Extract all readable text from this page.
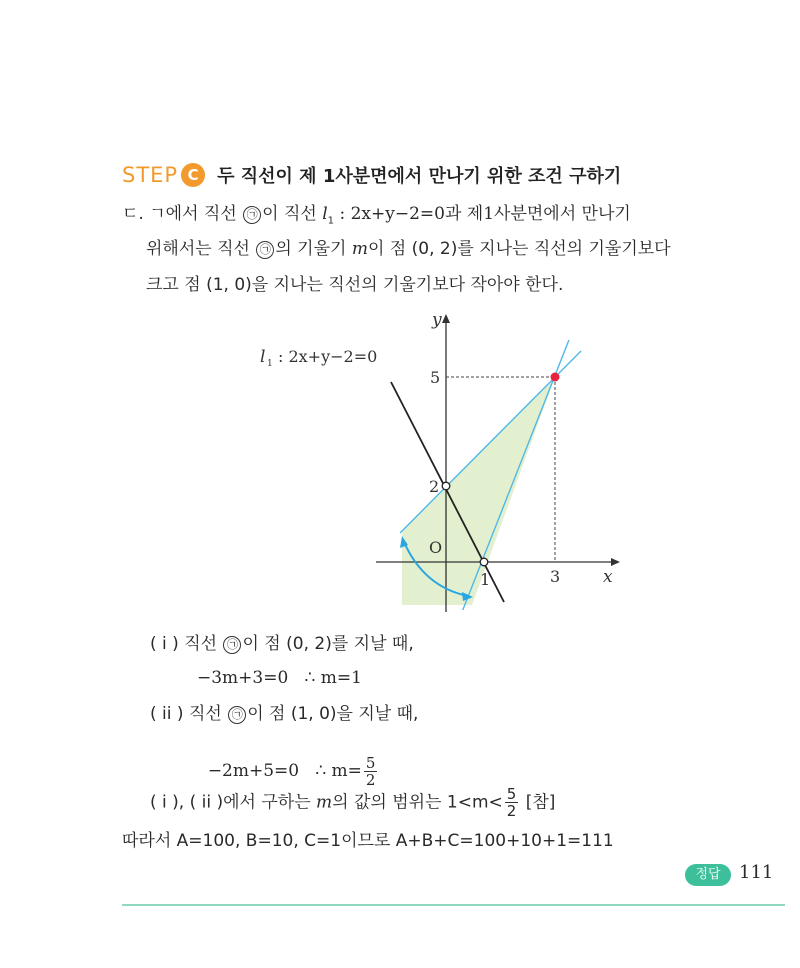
STEP C	두 직선이 제 1사분면에서 만나기 위한 조건 구하기
ㄷ. ㄱ에서 직선 ㉠ 이 직선 $l_1$ : 2x+y−2=0과 제1사분면에서 만나기
위해서는 직선 ㉠ 의 기울기 m이 점 (0, 2)를 지나는 직선의 기울기보다
크고 점 (1, 0)을 지나는 직선의 기울기보다 작아야 한다.
y
x
l 1 : 2x+y−2=0
5
2
O
1	3
( i ) 직선 ㉠ 이 점 (0, 2)를 지날 때,
−3m+3=0   ∴ m=1
( ii ) 직선 ㉠ 이 점 (1, 0)을 지날 때,

−2m+5=0   ∴ $m= \frac{5}{2}$

( i ), ( ii )에서 구하는 m의 값의 범위는 $1<m< \frac{5}{2}$ [참]
따라서 A=100, B=10, C=1이므로 A+B+C=100+10+1=111
정답	111
